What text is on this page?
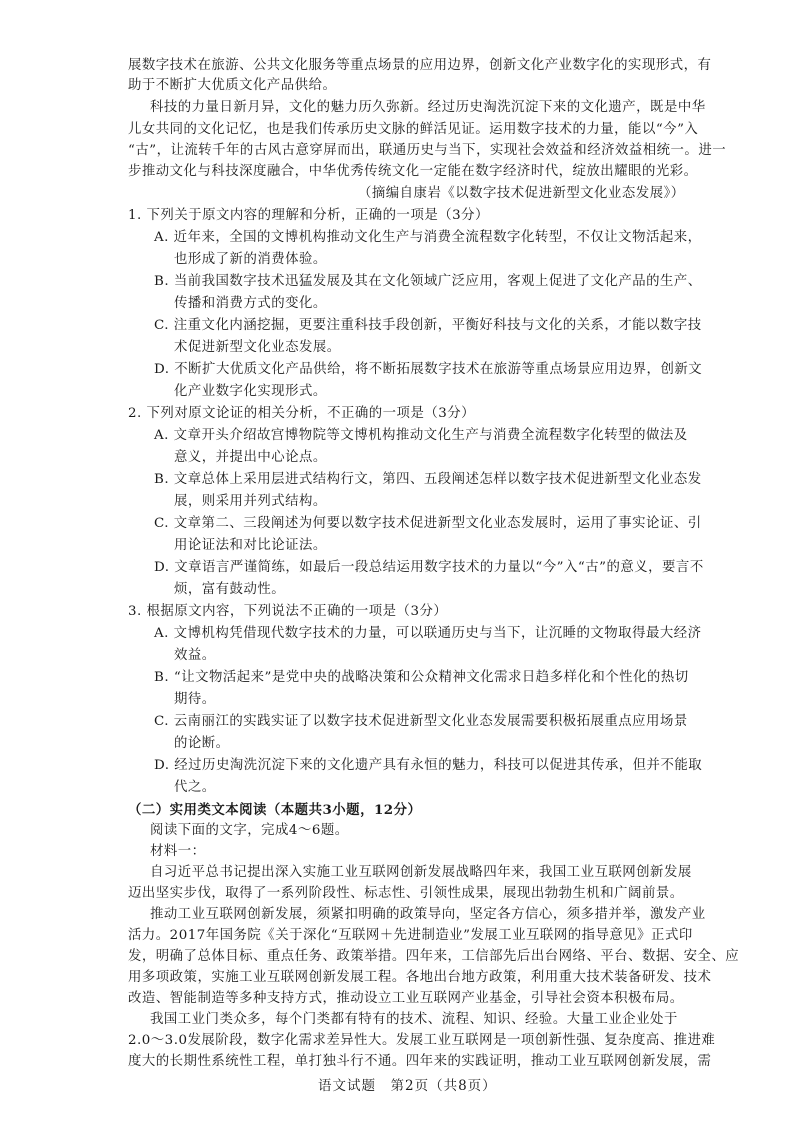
展数字技术在旅游、公共文化服务等重点场景的应用边界，创新文化产业数字化的实现形式，有
助于不断扩大优质文化产品供给。
科技的力量日新月异，文化的魅力历久弥新。经过历史淘洗沉淀下来的文化遗产，既是中华
儿女共同的文化记忆，也是我们传承历史文脉的鲜活见证。运用数字技术的力量，能以“今”入
“古”，让流转千年的古风古意穿屏而出，联通历史与当下，实现社会效益和经济效益相统一。进一
步推动文化与科技深度融合，中华优秀传统文化一定能在数字经济时代，绽放出耀眼的光彩。
（摘编自康岩《以数字技术促进新型文化业态发展》）
1. 下列关于原文内容的理解和分析，正确的一项是（3分）
A. 近年来，全国的文博机构推动文化生产与消费全流程数字化转型，不仅让文物活起来，
也形成了新的消费体验。
B. 当前我国数字技术迅猛发展及其在文化领域广泛应用，客观上促进了文化产品的生产、
传播和消费方式的变化。
C. 注重文化内涵挖掘，更要注重科技手段创新，平衡好科技与文化的关系，才能以数字技
术促进新型文化业态发展。
D. 不断扩大优质文化产品供给，将不断拓展数字技术在旅游等重点场景应用边界，创新文
化产业数字化实现形式。
2. 下列对原文论证的相关分析，不正确的一项是（3分）
A. 文章开头介绍故宫博物院等文博机构推动文化生产与消费全流程数字化转型的做法及
意义，并提出中心论点。
B. 文章总体上采用层进式结构行文，第四、五段阐述怎样以数字技术促进新型文化业态发
展，则采用并列式结构。
C. 文章第二、三段阐述为何要以数字技术促进新型文化业态发展时，运用了事实论证、引
用论证法和对比论证法。
D. 文章语言严谨简练，如最后一段总结运用数字技术的力量以“今”入“古”的意义，要言不
烦，富有鼓动性。
3. 根据原文内容，下列说法不正确的一项是（3分）
A. 文博机构凭借现代数字技术的力量，可以联通历史与当下，让沉睡的文物取得最大经济
效益。
B. “让文物活起来”是党中央的战略决策和公众精神文化需求日趋多样化和个性化的热切
期待。
C. 云南丽江的实践实证了以数字技术促进新型文化业态发展需要积极拓展重点应用场景
的论断。
D. 经过历史淘洗沉淀下来的文化遗产具有永恒的魅力，科技可以促进其传承，但并不能取
代之。
（二）实用类文本阅读（本题共3小题，12分）
阅读下面的文字，完成4～6题。
材料一：
自习近平总书记提出深入实施工业互联网创新发展战略四年来，我国工业互联网创新发展
迈出坚实步伐，取得了一系列阶段性、标志性、引领性成果，展现出勃勃生机和广阔前景。
推动工业互联网创新发展，须紧扣明确的政策导向，坚定各方信心，须多措并举，激发产业
活力。2017年国务院《关于深化“互联网＋先进制造业”发展工业互联网的指导意见》正式印
发，明确了总体目标、重点任务、政策举措。四年来，工信部先后出台网络、平台、数据、安全、应
用多项政策，实施工业互联网创新发展工程。各地出台地方政策，利用重大技术装备研发、技术
改造、智能制造等多种支持方式，推动设立工业互联网产业基金，引导社会资本积极布局。
我国工业门类众多，每个门类都有特有的技术、流程、知识、经验。大量工业企业处于
2.0～3.0发展阶段，数字化需求差异性大。发展工业互联网是一项创新性强、复杂度高、推进难
度大的长期性系统性工程，单打独斗行不通。四年来的实践证明，推动工业互联网创新发展，需
语文试题　第2页（共8页）
